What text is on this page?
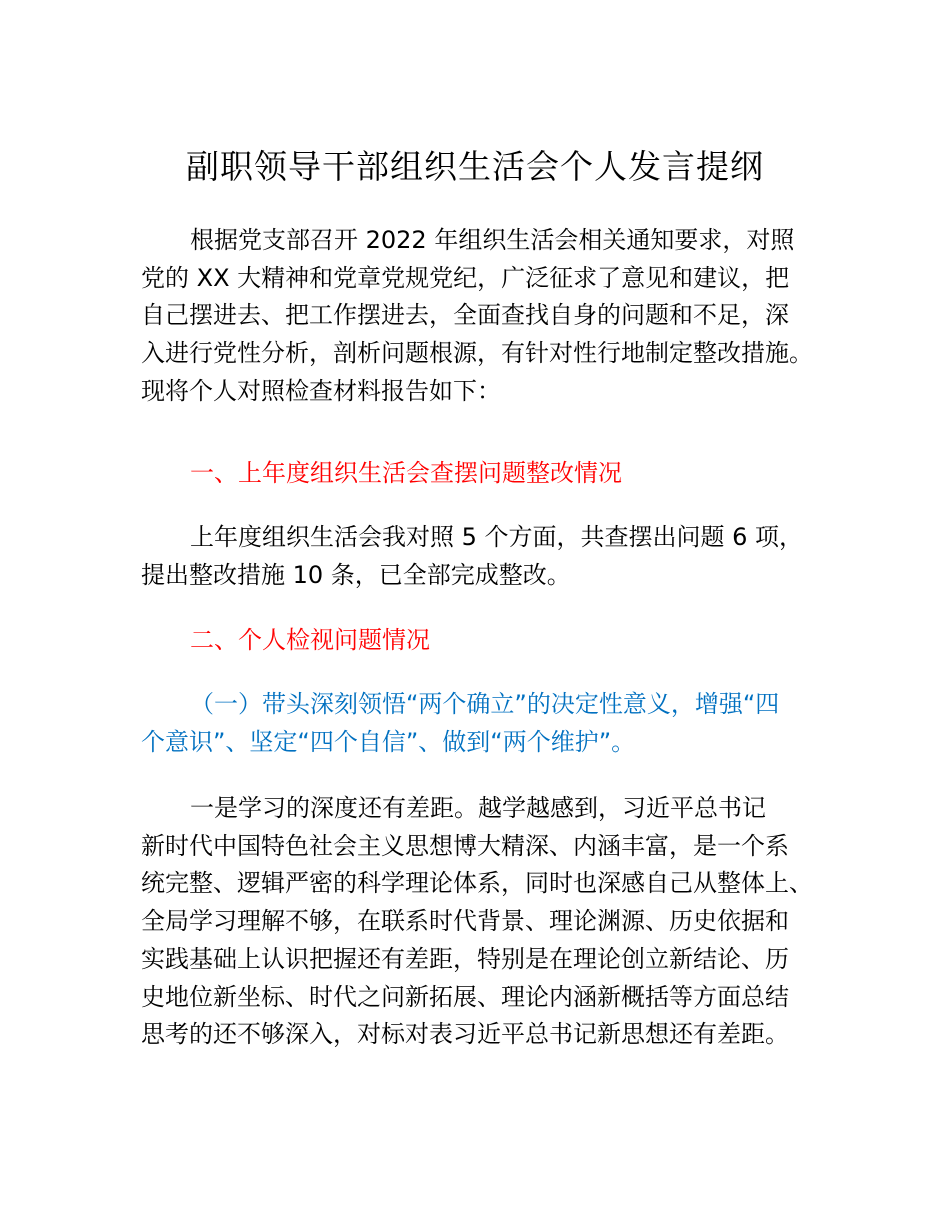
副职领导干部组织生活会个人发言提纲
根据党支部召开 2022 年组织生活会相关通知要求，对照
党的 XX 大精神和党章党规党纪，广泛征求了意见和建议，把
自己摆进去、把工作摆进去，全面查找自身的问题和不足，深
入进行党性分析，剖析问题根源，有针对性行地制定整改措施。
现将个人对照检查材料报告如下：
一、上年度组织生活会查摆问题整改情况
上年度组织生活会我对照 5 个方面，共查摆出问题 6 项，
提出整改措施 10 条，已全部完成整改。
二、个人检视问题情况
（一）带头深刻领悟“两个确立”的决定性意义，增强“四
个意识”、坚定“四个自信”、做到“两个维护”。
一是学习的深度还有差距。越学越感到，习近平总书记
新时代中国特色社会主义思想博大精深、内涵丰富，是一个系
统完整、逻辑严密的科学理论体系，同时也深感自己从整体上、
全局学习理解不够，在联系时代背景、理论渊源、历史依据和
实践基础上认识把握还有差距，特别是在理论创立新结论、历
史地位新坐标、时代之问新拓展、理论内涵新概括等方面总结
思考的还不够深入，对标对表习近平总书记新思想还有差距。
